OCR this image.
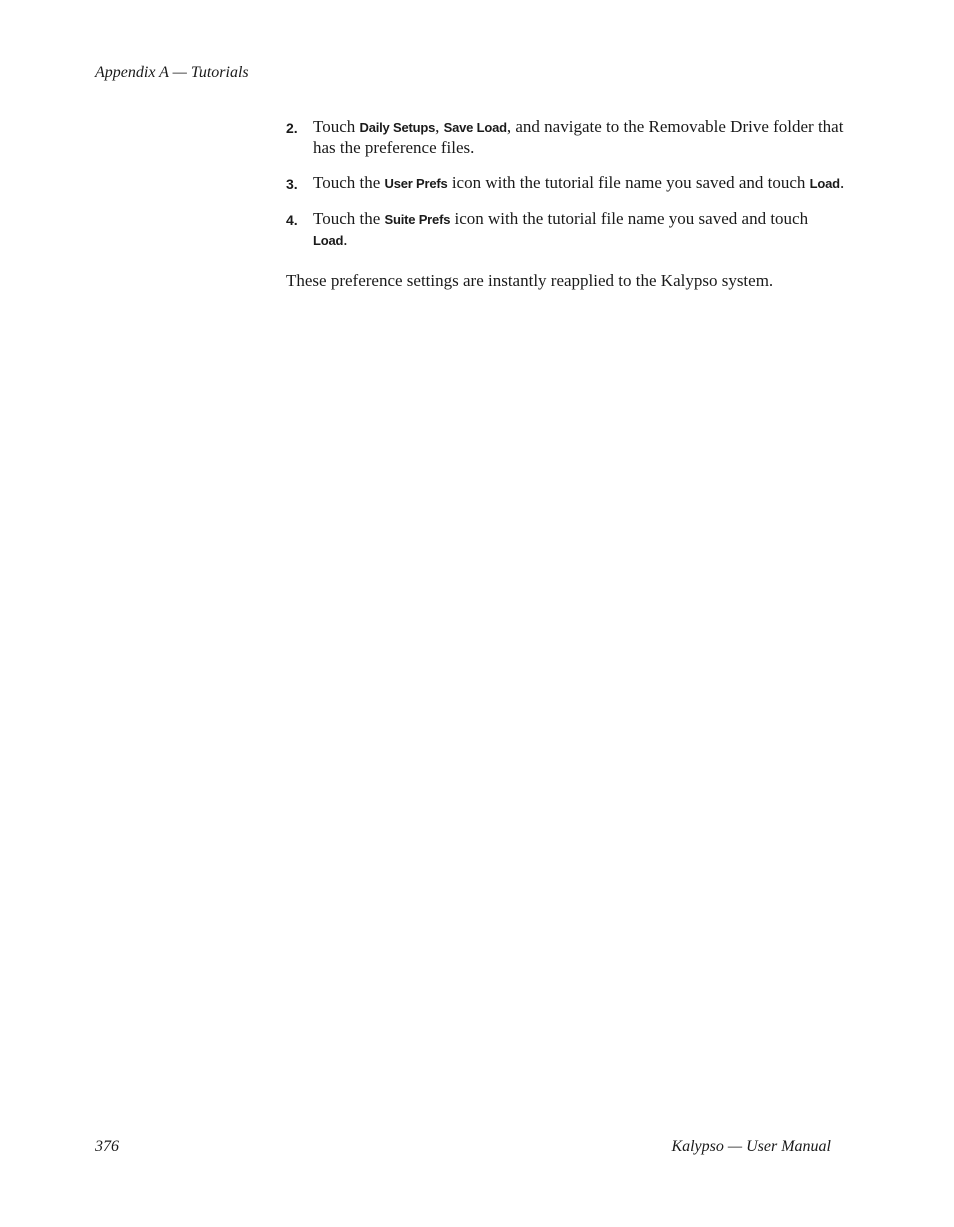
Appendix A — Tutorials
2. Touch Daily Setups, Save Load, and navigate to the Removable Drive folder that has the preference files.
3. Touch the User Prefs icon with the tutorial file name you saved and touch Load.
4. Touch the Suite Prefs icon with the tutorial file name you saved and touch Load.
These preference settings are instantly reapplied to the Kalypso system.
376	Kalypso — User Manual
